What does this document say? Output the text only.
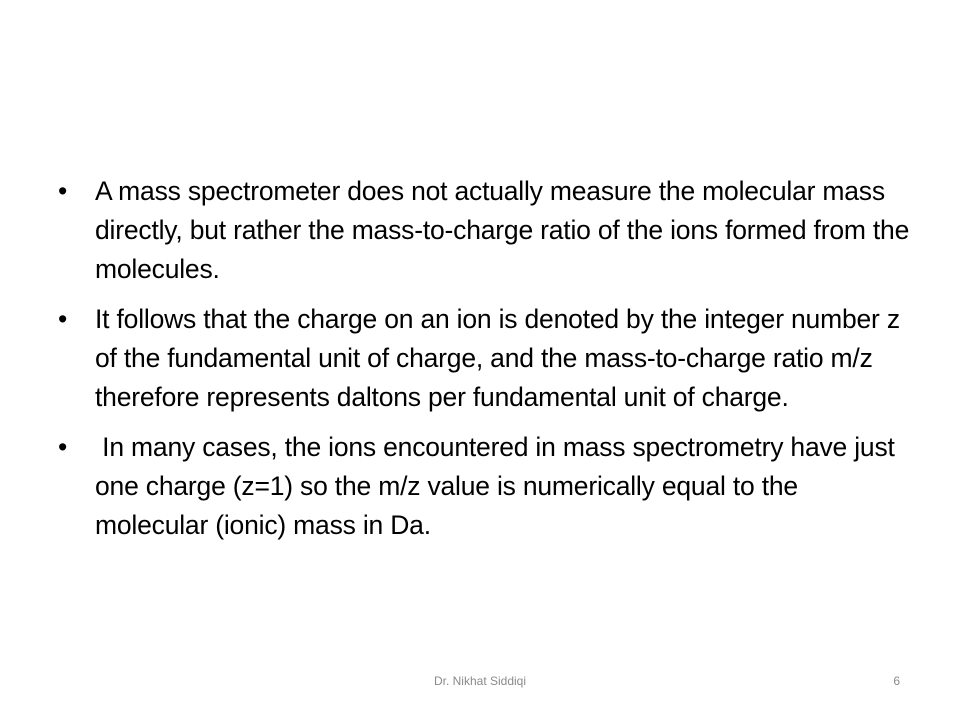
•	A mass spectrometer does not actually measure the molecular mass directly, but rather the mass-to-charge ratio of the ions formed from the molecules.
•	It follows that the charge on an ion is denoted by the integer number z of the fundamental unit of charge, and the mass-to-charge ratio m/z therefore represents daltons per fundamental unit of charge.
•	In many cases, the ions encountered in mass spectrometry have just one charge (z=1) so the m/z value is numerically equal to the molecular (ionic) mass in Da.
Dr. Nikhat Siddiqi	6
